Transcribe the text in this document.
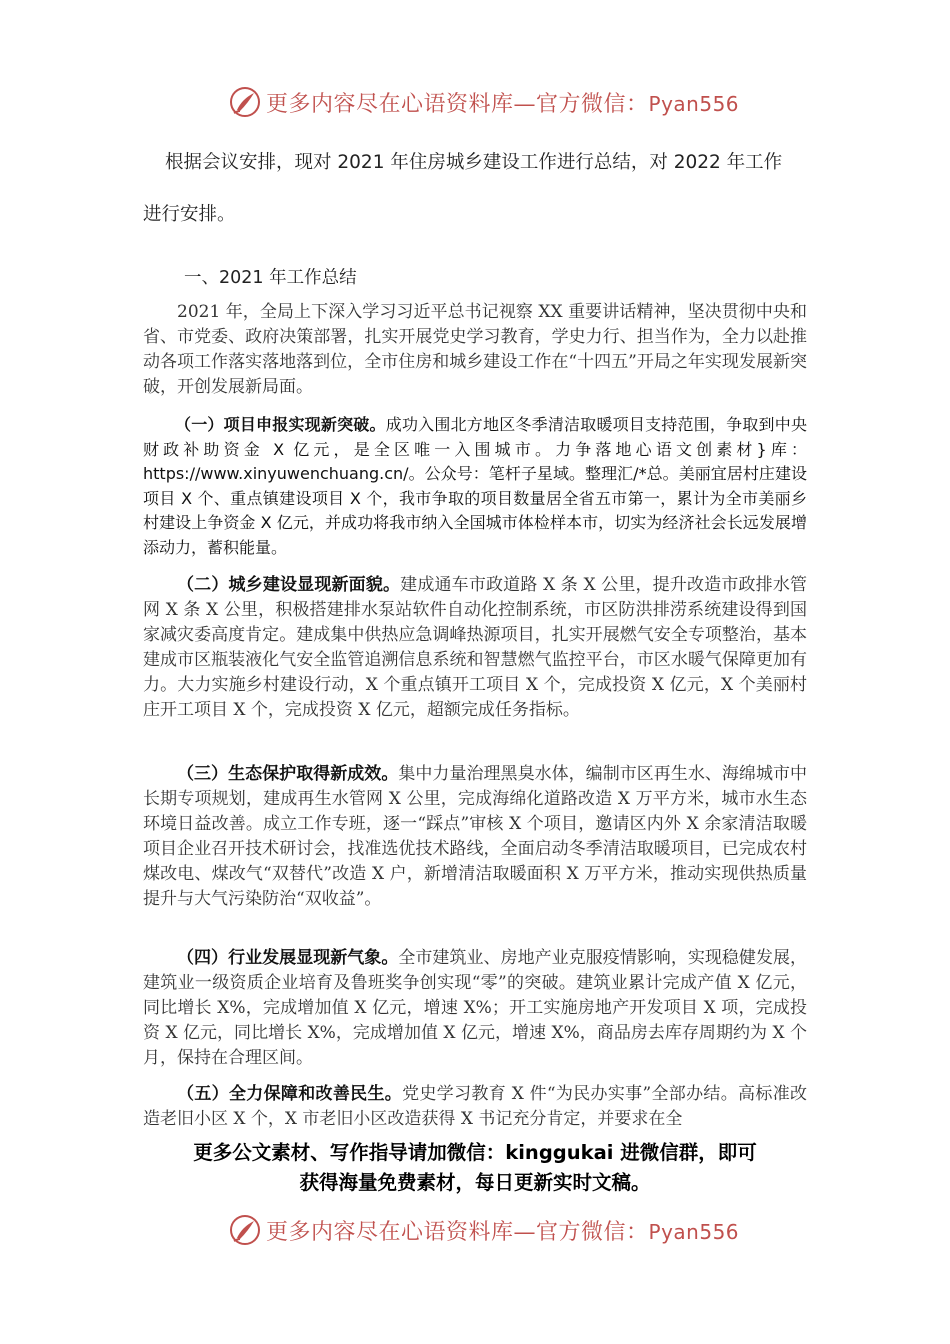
更多内容尽在心语资料库—官方微信：Pyan556
根据会议安排，现对 2021 年住房城乡建设工作进行总结，对 2022 年工作
进行安排。
一、2021 年工作总结

2021 年，全局上下深入学习习近平总书记视察 XX 重要讲话精神，坚决贯彻中央和省、市党委、政府决策部署，扎实开展党史学习教育，学史力行、担当作为，全力以赴推动各项工作落实落地落到位，全市住房和城乡建设工作在“十四五”开局之年实现发展新突破，开创发展新局面。

（一）项目申报实现新突破。成功入围北方地区冬季清洁取暖项目支持范围，争取到中央财政补助资金 X 亿元，是全区唯一入围城市。力争落地心语文创素材}库：https://www.xinyuwenchuang.cn/。公众号：笔杆子星域。整理汇/*总。美丽宜居村庄建设项目 X 个、重点镇建设项目 X 个，我市争取的项目数量居全省五市第一，累计为全市美丽乡村建设上争资金 X 亿元，并成功将我市纳入全国城市体检样本市，切实为经济社会长远发展增添动力，蓄积能量。

（二）城乡建设显现新面貌。建成通车市政道路 X 条 X 公里，提升改造市政排水管网 X 条 X 公里，积极搭建排水泵站软件自动化控制系统，市区防洪排涝系统建设得到国家减灾委高度肯定。建成集中供热应急调峰热源项目，扎实开展燃气安全专项整治，基本建成市区瓶装液化气安全监管追溯信息系统和智慧燃气监控平台，市区水暖气保障更加有力。大力实施乡村建设行动，X 个重点镇开工项目 X 个，完成投资 X 亿元，X 个美丽村庄开工项目 X 个，完成投资 X 亿元，超额完成任务指标。

（三）生态保护取得新成效。集中力量治理黑臭水体，编制市区再生水、海绵城市中长期专项规划，建成再生水管网 X 公里，完成海绵化道路改造 X 万平方米，城市水生态环境日益改善。成立工作专班，逐一“踩点”审核 X 个项目，邀请区内外 X 余家清洁取暖项目企业召开技术研讨会，找准选优技术路线，全面启动冬季清洁取暖项目，已完成农村煤改电、煤改气“双替代”改造 X 户，新增清洁取暖面积 X 万平方米，推动实现供热质量提升与大气污染防治“双收益”。

（四）行业发展显现新气象。全市建筑业、房地产业克服疫情影响，实现稳健发展，建筑业一级资质企业培育及鲁班奖争创实现“零”的突破。建筑业累计完成产值 X 亿元，同比增长 X%，完成增加值 X 亿元，增速 X%；开工实施房地产开发项目 X 项，完成投资 X 亿元，同比增长 X%，完成增加值 X 亿元，增速 X%，商品房去库存周期约为 X 个月，保持在合理区间。

（五）全力保障和改善民生。党史学习教育 X 件“为民办实事”全部办结。高标准改造老旧小区 X 个，X 市老旧小区改造获得 X 书记充分肯定，并要求在全

更多公文素材、写作指导请加微信：kinggukai 进微信群，即可
获得海量免费素材，每日更新实时文稿。
更多内容尽在心语资料库—官方微信：Pyan556
